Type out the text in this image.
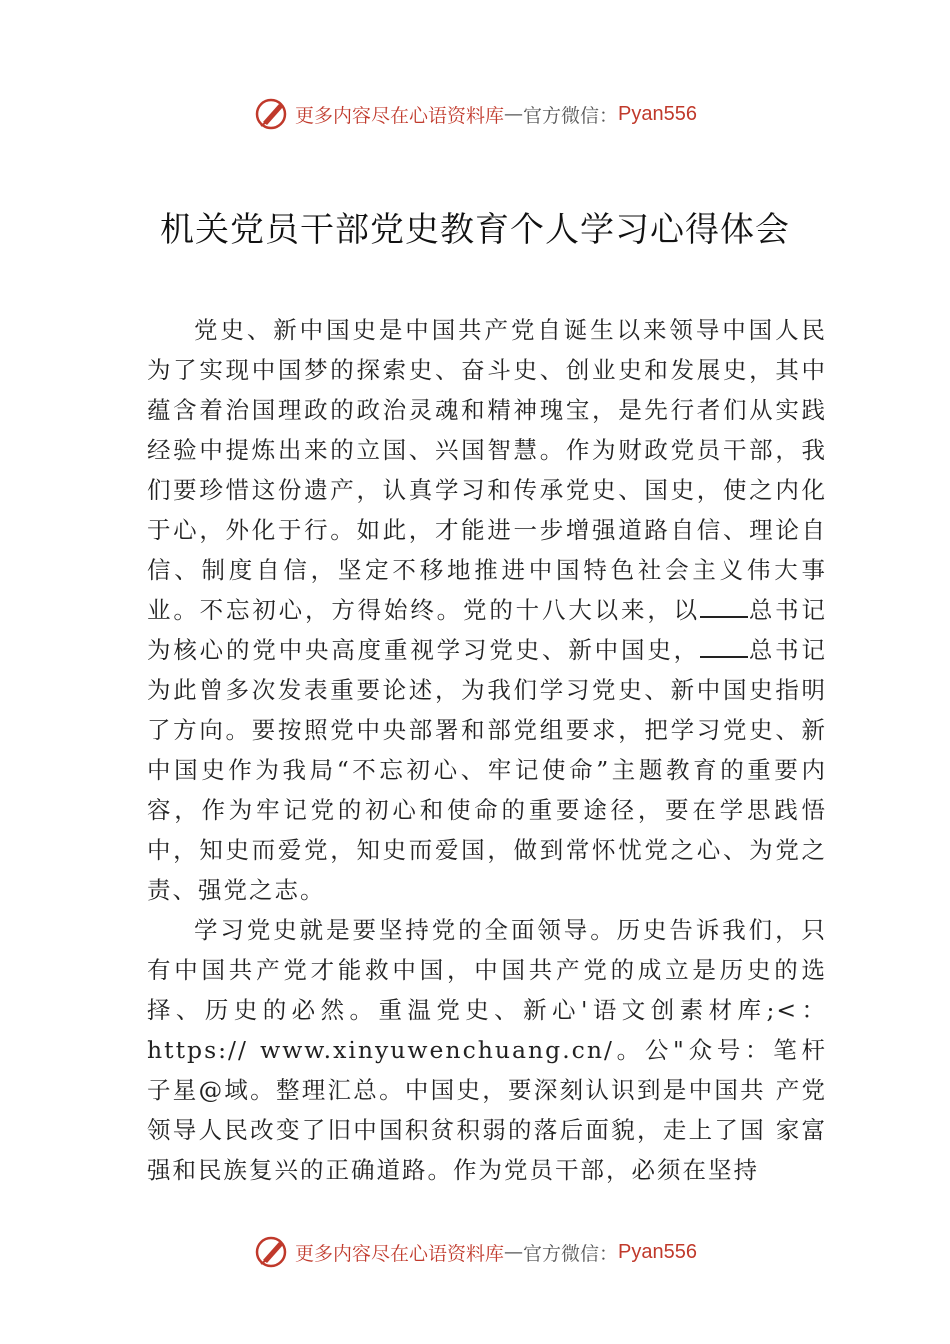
更多内容尽在心语资料库 — 官方微信： Pyan556
机关党员干部党史教育个人学习心得体会

党史、新中国史是中国共产党自诞生以来领导中国人民为了实现中国梦的探索史、奋斗史、创业史和发展史，其中蕴含着治国理政的政治灵魂和精神瑰宝，是先行者们从实践经验中提炼出来的立国、兴国智慧。作为财政党员干部，我们要珍惜这份遗产，认真学习和传承党史、国史，使之内化于心，外化于行。如此，才能进一步增强道路自信、理论自信、制度自信，坚定不移地推进中国特色社会主义伟大事业。不忘初心，方得始终。党的十八大以来，以 总书记为核心的党中央高度重视学习党史、新中国史， 总书记为此曾多次发表重要论述，为我们学习党史、新中国史指明了方向。要按照党中央部署和部党组要求，把学习党史、新中国史作为我局“不忘初心、牢记使命”主题教育的重要内容，作为牢记党的初心和使命的重要途径，要在学思践悟中，知史而爱党，知史而爱国，做到常怀忧党之心、为党之责、强党之志。

学习党史就是要坚持党的全面领导。历史告诉我们，只有中国共产党才能救中国，中国共产党的成立是历史的选择、历史的必然。重温党史、新心'语文创素材库;<：https:// www.xinyuwenchuang.cn/。公"众号：笔杆子星@域。整理汇总。中国史，要深刻认识到是中国共 产党领导人民改变了旧中国积贫积弱的落后面貌，走上了国 家富强和民族复兴的正确道路。作为党员干部，必须在坚持

更多内容尽在心语资料库 — 官方微信： Pyan556
